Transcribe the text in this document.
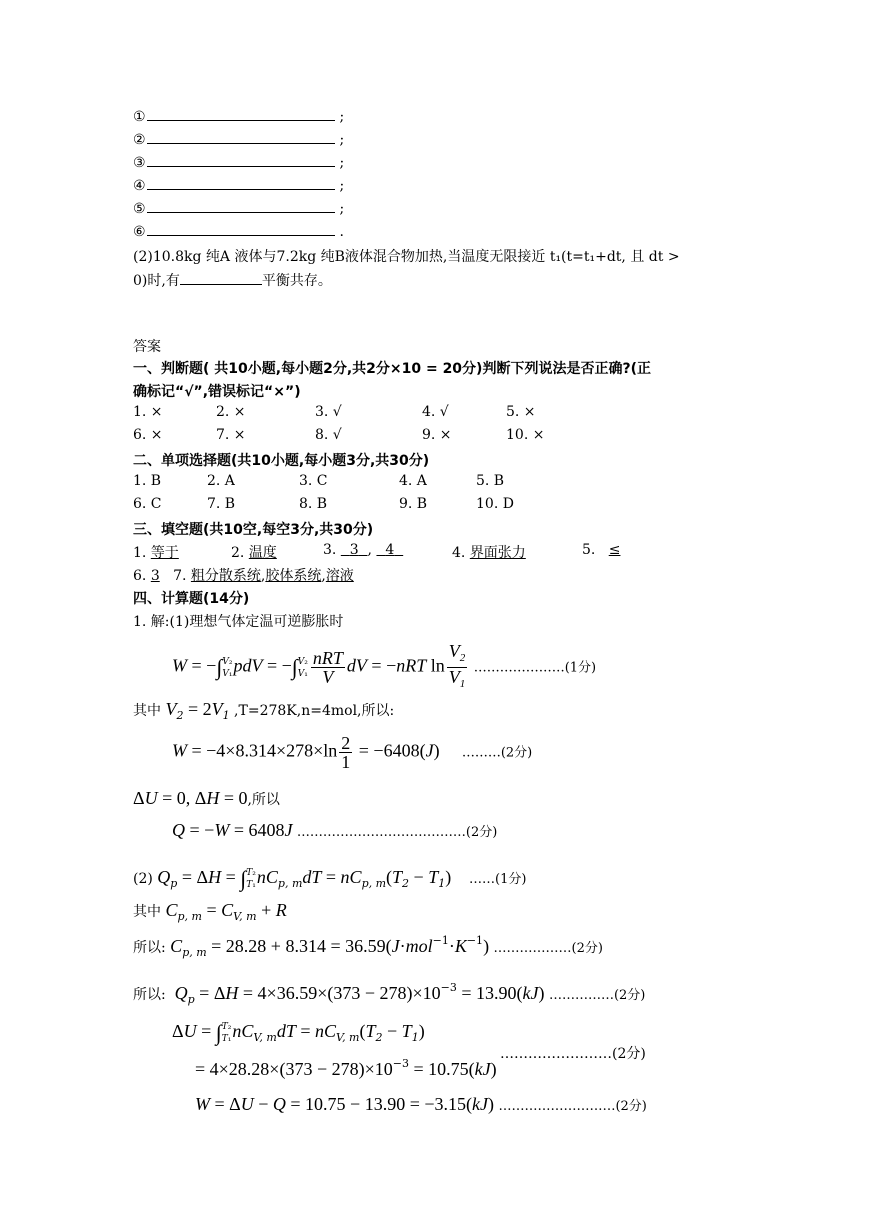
①	;
②	;
③	;
④	;
⑤	;
⑥	.
(2)10.8kg 纯A 液体与7.2kg 纯B液体混合物加热,当温度无限接近 t₁(t=t₁+dt, 且 dt >
0)时,有	平衡共存。
答案
一、判断题( 共10小题,每小题2分,共2分×10 = 20分)判断下列说法是否正确?(正
确标记“√”,错误标记“×”)
1. ×	2. ×	3. √	4. √	5. ×
6. ×	7. ×	8. √	9. ×	10. ×
二、单项选择题(共10小题,每小题3分,共30分)
1. B	2. A	3. C	4. A	5. B
6. C	7. B	8. B	9. B	10. D
三、填空题(共10空,每空3分,共30分)
1. 等于	2. 温度	3.   3 ,   4	4. 界面张力	5.   ≤
6. 3 7. 粗分散系统,胶体系统,溶液
四、计算题(14分)
1. 解:(1)理想气体定温可逆膨胀时
W = −∫ V₂
V₁ pdV = −∫ V₂
$V_1 \frac{\text{nRT}}{V}$ dV = −nRT $\ln \frac{V_2}{V_1}$ …………………(1分)
其中 $V_2 = 2V_1$ ,T=278K,n=4mol,所以:
$W = -4\times 8.314\times 278\times\ln \frac{2}{1} = -6408(J)$ ………(2分)
ΔU = 0, ΔH = 0,所以
Q = −W = 6408J …………………………………(2分)
(2) $Q_p = \Delta H$ = ∫ T₂
T₁ $nC_{p, m}dT = nC_{p, m}(T_2 - T_1)$ ……(1分)
其中 $C_{p, m} = C_{V, m} + R$
所以: $C_{p, m} = 28.28 + 8.314 = 36.59(J\cdot mol^{-1}\cdot K^{-1})$ ………………(2分)
所以: $Q_p = \Delta H = 4\times 36.59\times(373 - 278)\times 10^{-3} = 13.90(kJ)$ ……………(2分)
ΔU = ∫ T₂
T₁ $nC_{V, m}dT = nC_{V, m}(T_2 - T_1)$
……………………(2分)
= $4\times 28.28\times(373 - 278)\times 10^{-3} = 10.75(kJ)$
W = ΔU − Q = 10.75 − 13.90 = −3.15(kJ) ………………………(2分)
